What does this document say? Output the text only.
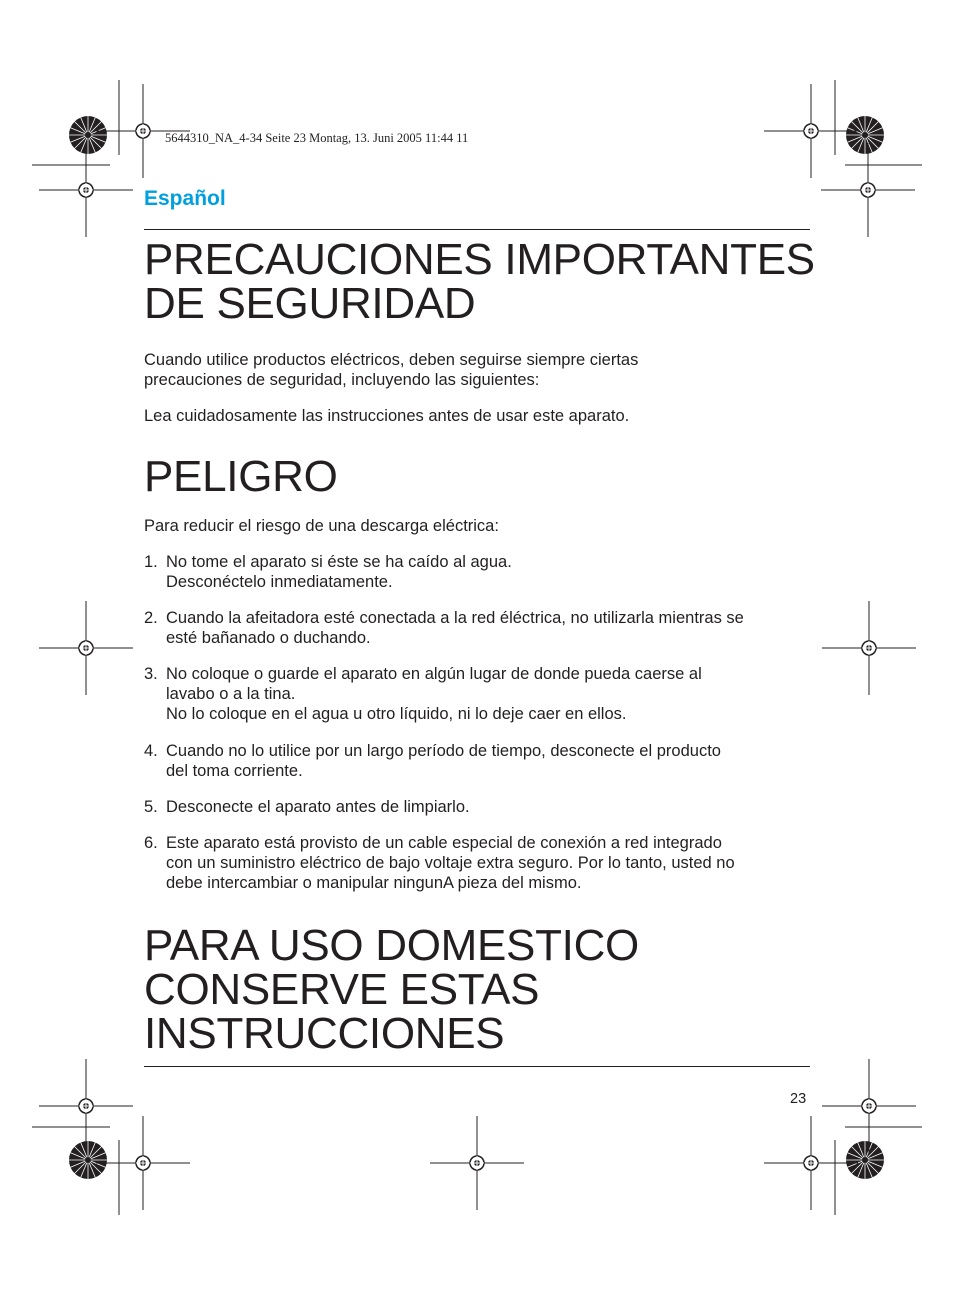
5644310_NA_4-34 Seite 23 Montag, 13. Juni 2005 11:44 11
Español
PRECAUCIONES IMPORTANTES
DE SEGURIDAD
Cuando utilice productos eléctricos, deben seguirse siempre ciertas
precauciones de seguridad, incluyendo las siguientes:
Lea cuidadosamente las instrucciones antes de usar este aparato.
PELIGRO
Para reducir el riesgo de una descarga eléctrica:
1. No tome el aparato si éste se ha caído al agua.
Desconéctelo inmediatamente.
2. Cuando la afeitadora esté conectada a la red éléctrica, no utilizarla mientras se
esté bañanado o duchando.
3. No coloque o guarde el aparato en algún lugar de donde pueda caerse al
lavabo o a la tina.
No lo coloque en el agua u otro líquido, ni lo deje caer en ellos.
4. Cuando no lo utilice por un largo período de tiempo, desconecte el producto
del toma corriente.
5. Desconecte el aparato antes de limpiarlo.
6. Este aparato está provisto de un cable especial de conexión a red integrado
con un suministro eléctrico de bajo voltaje extra seguro. Por lo tanto, usted no
debe intercambiar o manipular ningunA pieza del mismo.
PARA USO DOMESTICO
CONSERVE ESTAS
INSTRUCCIONES
23
